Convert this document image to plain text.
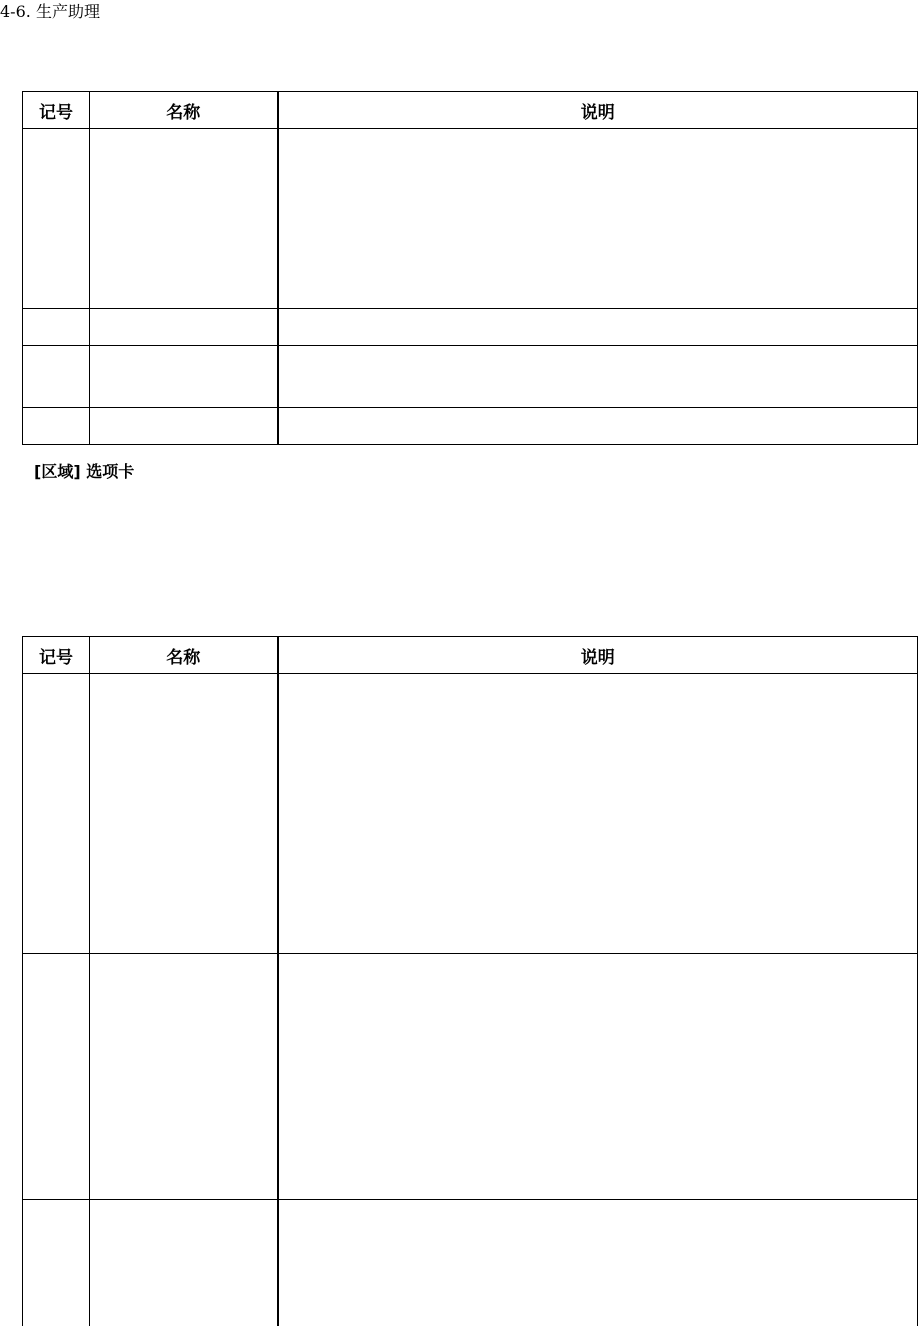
4-6. 生产助理
记号	名称	说明

[区域] 选项卡
记号	名称	说明
